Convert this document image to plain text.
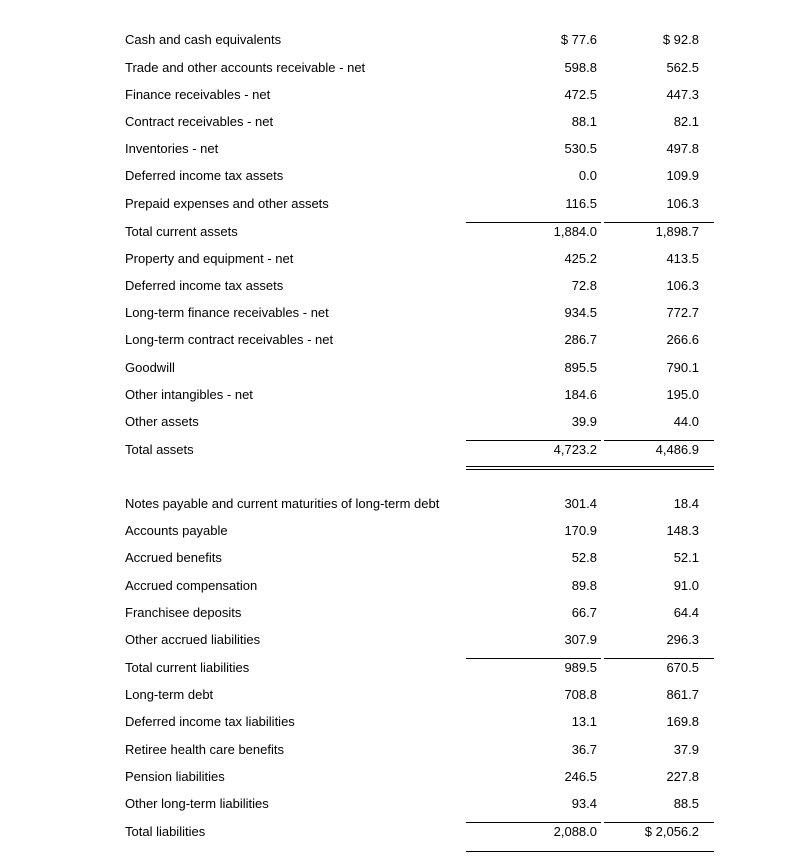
Cash and cash equivalents	$ 77.6	$ 92.8
Trade and other accounts receivable - net	598.8	562.5
Finance receivables - net	472.5	447.3
Contract receivables - net	88.1	82.1
Inventories - net	530.5	497.8
Deferred income tax assets	0.0	109.9
Prepaid expenses and other assets	116.5	106.3
Total current assets	1,884.0	1,898.7
Property and equipment - net	425.2	413.5
Deferred income tax assets	72.8	106.3
Long-term finance receivables - net	934.5	772.7
Long-term contract receivables - net	286.7	266.6
Goodwill	895.5	790.1
Other intangibles - net	184.6	195.0
Other assets	39.9	44.0
Total assets	4,723.2	4,486.9
Notes payable and current maturities of long-term debt	301.4	18.4
Accounts payable	170.9	148.3
Accrued benefits	52.8	52.1
Accrued compensation	89.8	91.0
Franchisee deposits	66.7	64.4
Other accrued liabilities	307.9	296.3
Total current liabilities	989.5	670.5
Long-term debt	708.8	861.7
Deferred income tax liabilities	13.1	169.8
Retiree health care benefits	36.7	37.9
Pension liabilities	246.5	227.8
Other long-term liabilities	93.4	88.5
Total liabilities	2,088.0	$ 2,056.2
